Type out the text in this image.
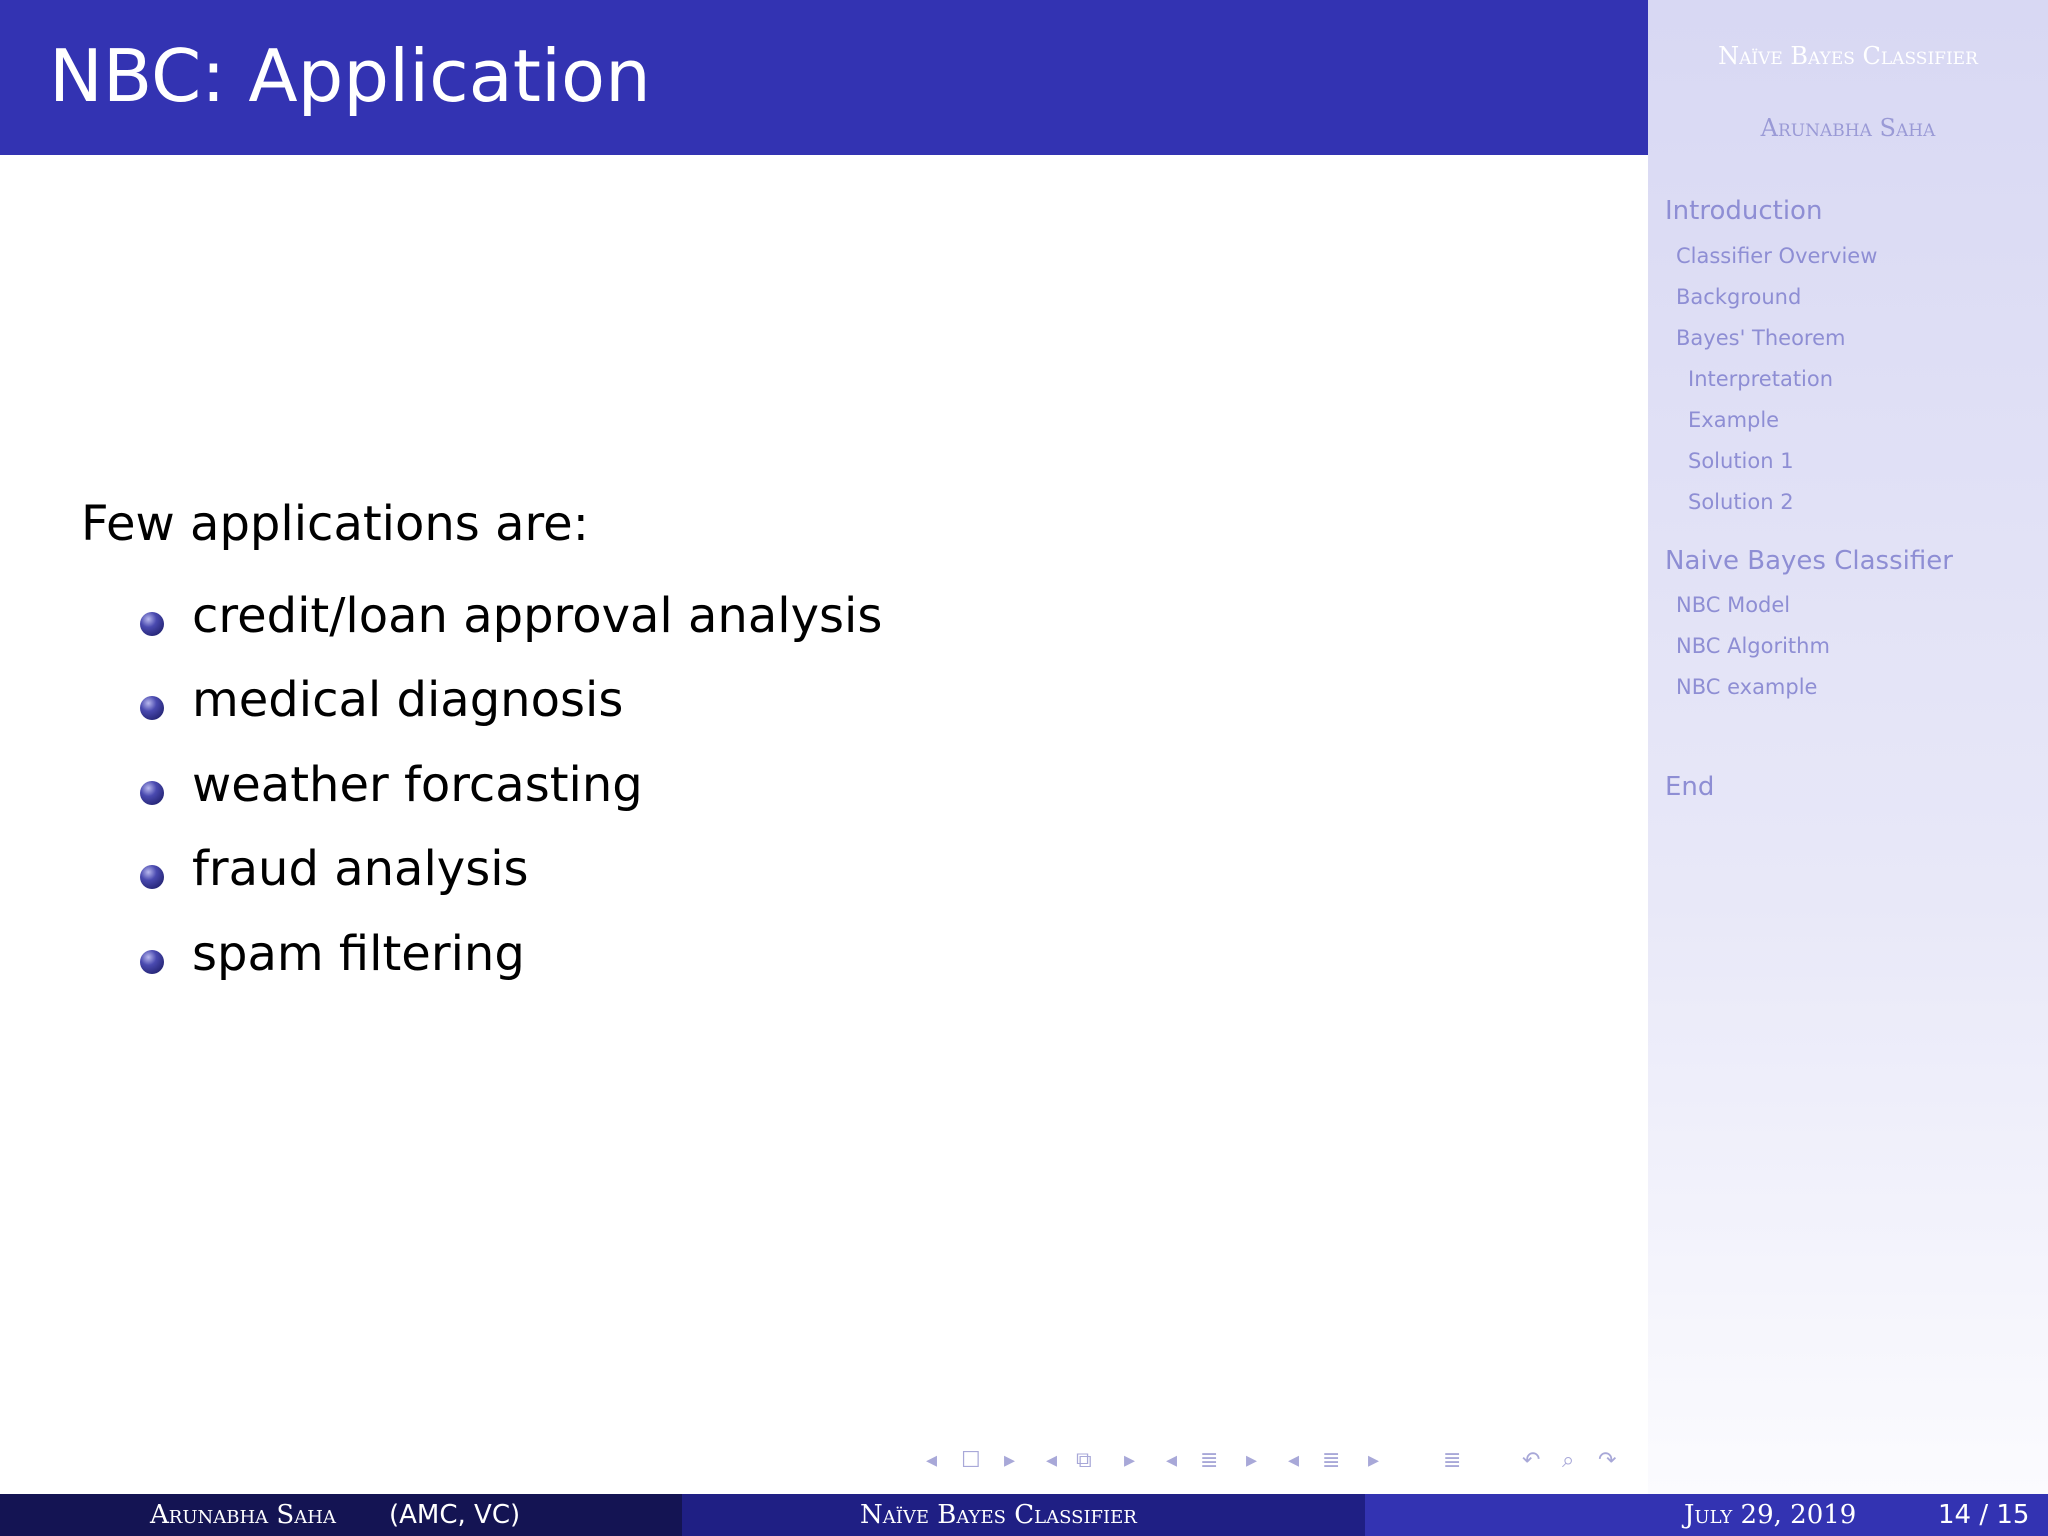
NBC: Application	Naïve Bayes Classifier
Arunabha Saha
Introduction
Classifier Overview
Background
Bayes' Theorem
Interpretation
Example
Solution 1
Solution 2
Naive Bayes Classifier
NBC Model
NBC Algorithm
NBC example
End
Few applications are:
credit/loan approval analysis
medical diagnosis
weather forcasting
fraud analysis
spam filtering
◂ ☐ ▸ ◂ ⧉ ▸ ◂ ≣ ▸ ◂ ≣ ▸	≣	↶ ⌕ ↷
Arunabha Saha (AMC, VC)	Naïve Bayes Classifier	July 29, 2019	14 / 15
